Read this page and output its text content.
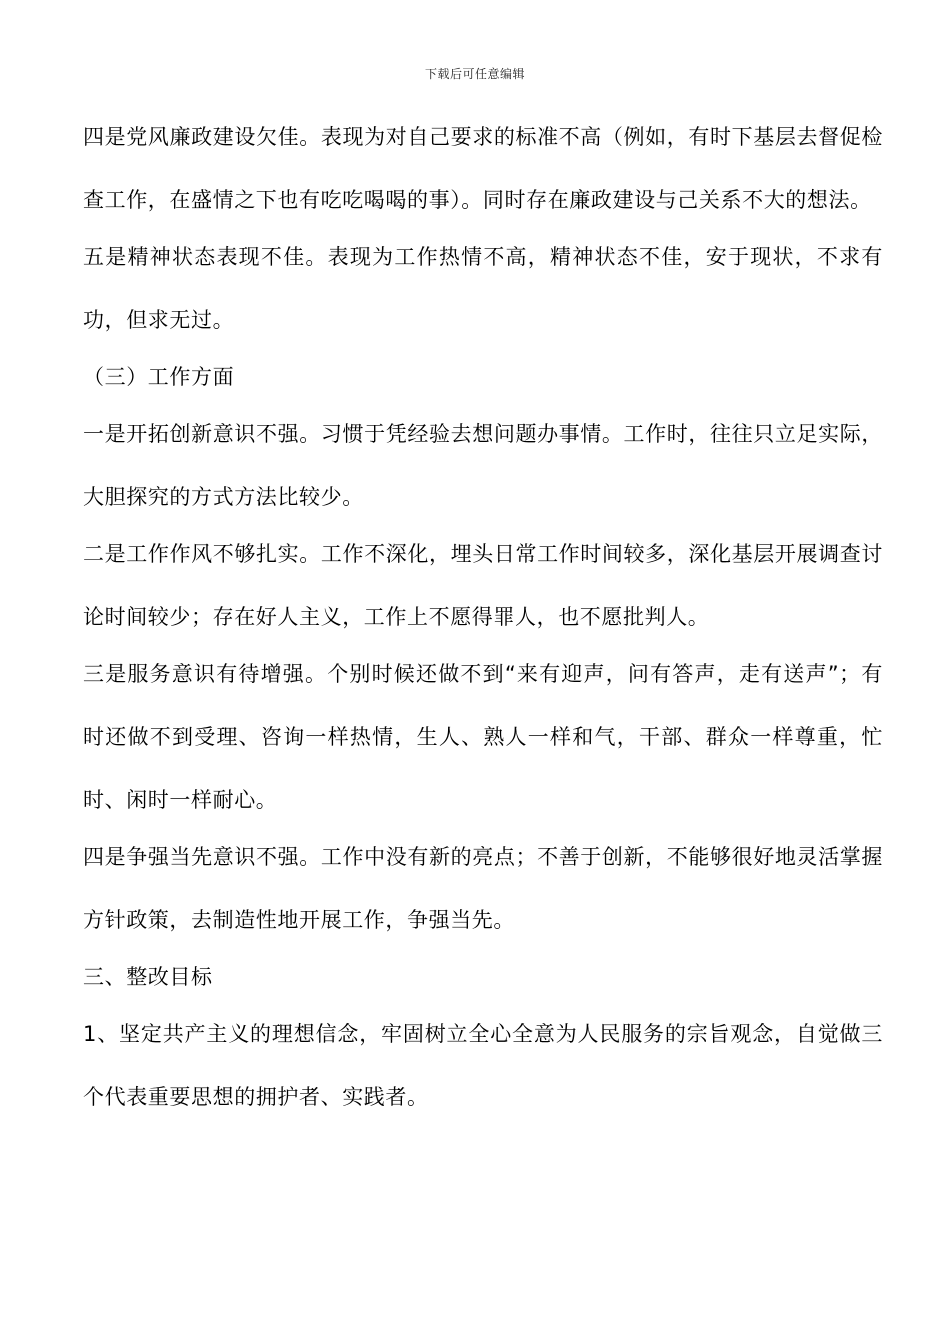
下载后可任意编辑

四是党风廉政建设欠佳。表现为对自己要求的标准不高（例如，有时下基层去督促检查工作，在盛情之下也有吃吃喝喝的事）。同时存在廉政建设与己关系不大的想法。

五是精神状态表现不佳。表现为工作热情不高，精神状态不佳，安于现状，不求有功，但求无过。

（三）工作方面

一是开拓创新意识不强。习惯于凭经验去想问题办事情。工作时，往往只立足实际，大胆探究的方式方法比较少。

二是工作作风不够扎实。工作不深化，埋头日常工作时间较多，深化基层开展调查讨论时间较少；存在好人主义，工作上不愿得罪人，也不愿批判人。

三是服务意识有待增强。个别时候还做不到“来有迎声，问有答声，走有送声”；有时还做不到受理、咨询一样热情，生人、熟人一样和气，干部、群众一样尊重，忙时、闲时一样耐心。

四是争强当先意识不强。工作中没有新的亮点；不善于创新，不能够很好地灵活掌握方针政策，去制造性地开展工作，争强当先。

三、整改目标

1、坚定共产主义的理想信念，牢固树立全心全意为人民服务的宗旨观念，自觉做三个代表重要思想的拥护者、实践者。
